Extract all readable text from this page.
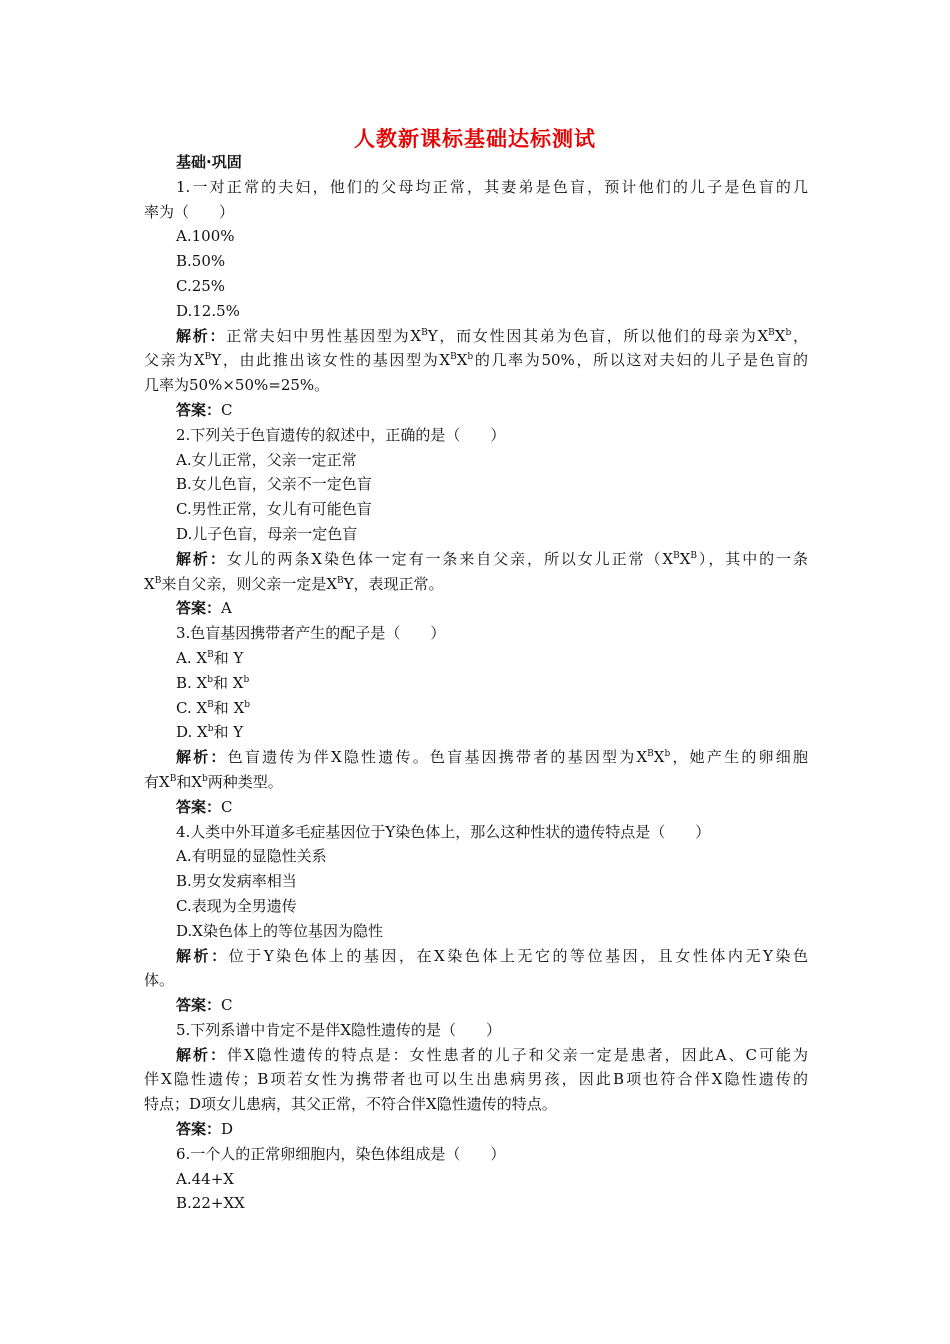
人教新课标基础达标测试
基础·巩固
1.一对正常的夫妇，他们的父母均正常，其妻弟是色盲，预计他们的儿子是色盲的几
率为（　　）
A.100%
B.50%
C.25%
D.12.5%
解析：正常夫妇中男性基因型为$X^BY$，而女性因其弟为色盲，所以他们的母亲为$X^BX^b$，
父亲为$X^BY$，由此推出该女性的基因型为$X^BX^b$的几率为50%，所以这对夫妇的儿子是色盲的
几率为50%×50%=25%。
答案：C
2.下列关于色盲遗传的叙述中，正确的是（　　）
A.女儿正常，父亲一定正常
B.女儿色盲，父亲不一定色盲
C.男性正常，女儿有可能色盲
D.儿子色盲，母亲一定色盲
解析：女儿的两条X染色体一定有一条来自父亲，所以女儿正常$(X^BX^B)$，其中的一条
$X^B$来自父亲，则父亲一定是$X^BY$，表现正常。
答案：A
3.色盲基因携带者产生的配子是（　　）
A. $X^B$和 Y
B. $X^b$和 $X^b$
C. $X^B$和 $X^b$
D. $X^b$和 Y
解析：色盲遗传为伴X隐性遗传。色盲基因携带者的基因型为$X^BX^b$，她产生的卵细胞
有$X^B$和$X^b$两种类型。
答案：C
4.人类中外耳道多毛症基因位于Y染色体上，那么这种性状的遗传特点是（　　）
A.有明显的显隐性关系
B.男女发病率相当
C.表现为全男遗传
D.X染色体上的等位基因为隐性
解析：位于Y染色体上的基因，在X染色体上无它的等位基因，且女性体内无Y染色
体。
答案：C
5.下列系谱中肯定不是伴X隐性遗传的是（　　）
解析：伴X隐性遗传的特点是：女性患者的儿子和父亲一定是患者，因此A、C可能为
伴X隐性遗传；B项若女性为携带者也可以生出患病男孩，因此B项也符合伴X隐性遗传的
特点；D项女儿患病，其父正常，不符合伴X隐性遗传的特点。
答案：D
6.一个人的正常卵细胞内，染色体组成是（　　）
A.44+X
B.22+XX
